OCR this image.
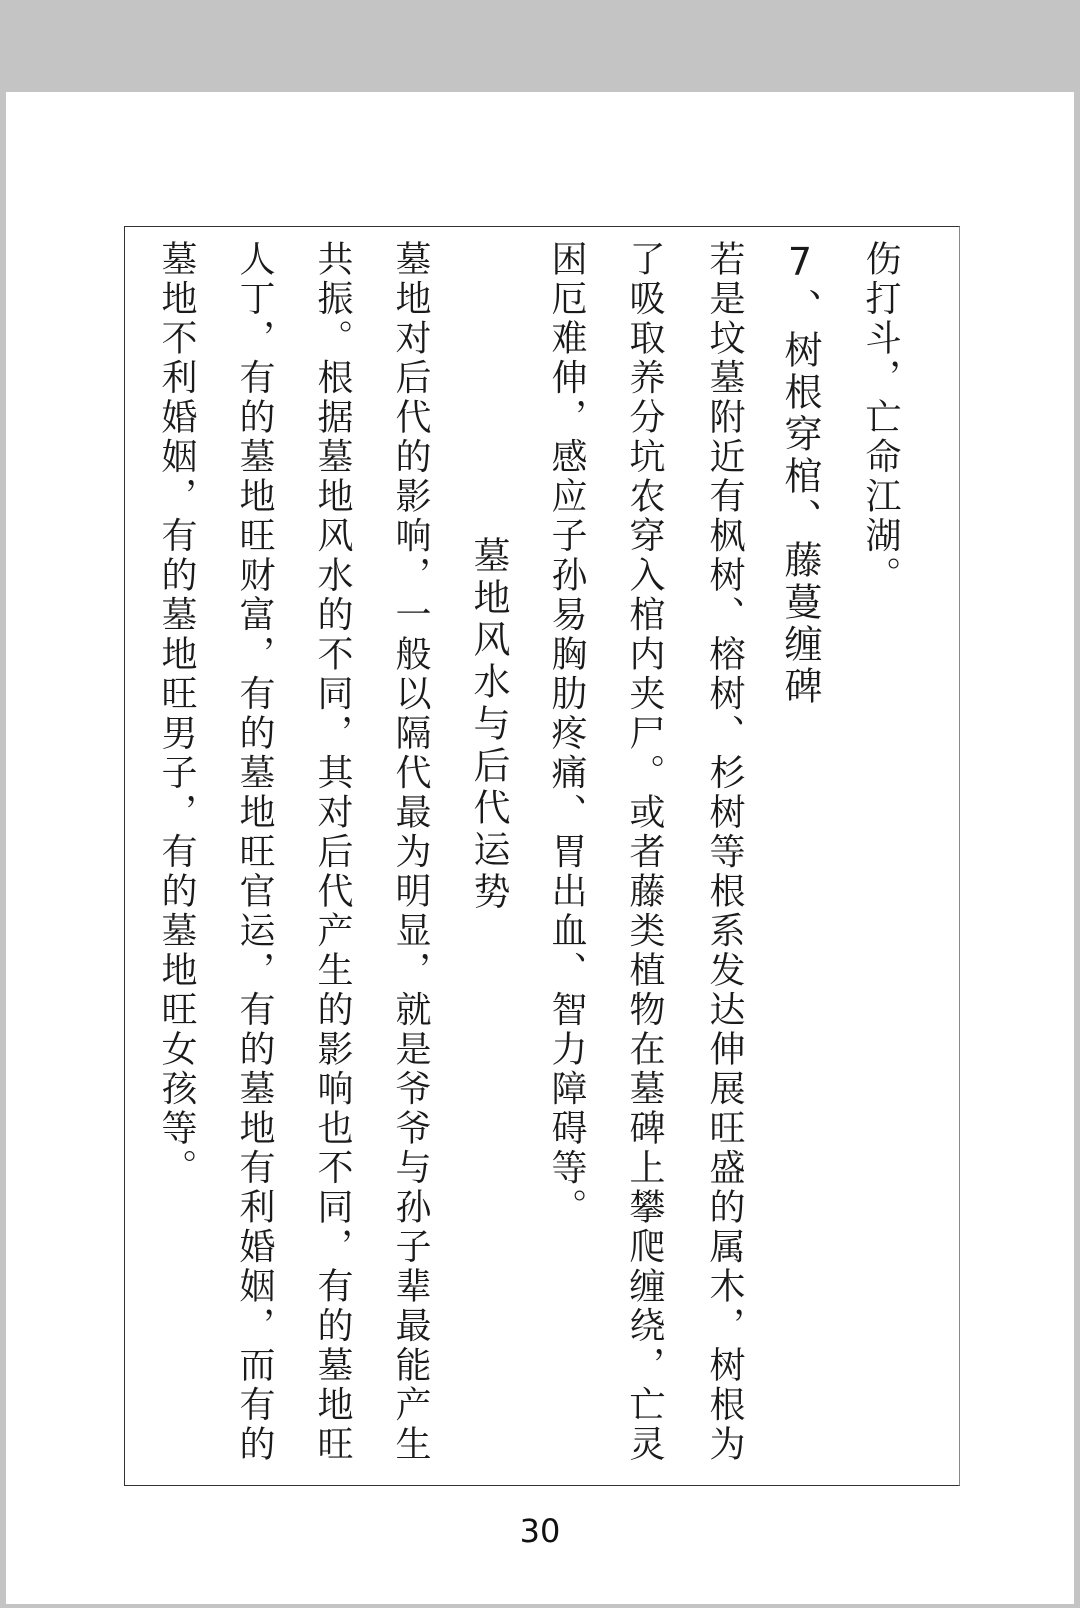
伤打斗，亡命江湖。
7、树根穿棺、藤蔓缠碑
若是坟墓附近有枫树、榕树、杉树等根系发达伸展旺盛的属木，树根为
了吸取养分坑农穿入棺内夹尸。或者藤类植物在墓碑上攀爬缠绕，亡灵
困厄难伸，感应子孙易胸肋疼痛、胃出血、智力障碍等。
墓地风水与后代运势
墓地对后代的影响，一般以隔代最为明显，就是爷爷与孙子辈最能产生
共振。根据墓地风水的不同，其对后代产生的影响也不同，有的墓地旺
人丁，有的墓地旺财富，有的墓地旺官运，有的墓地有利婚姻，而有的
墓地不利婚姻，有的墓地旺男子，有的墓地旺女孩等。
30
